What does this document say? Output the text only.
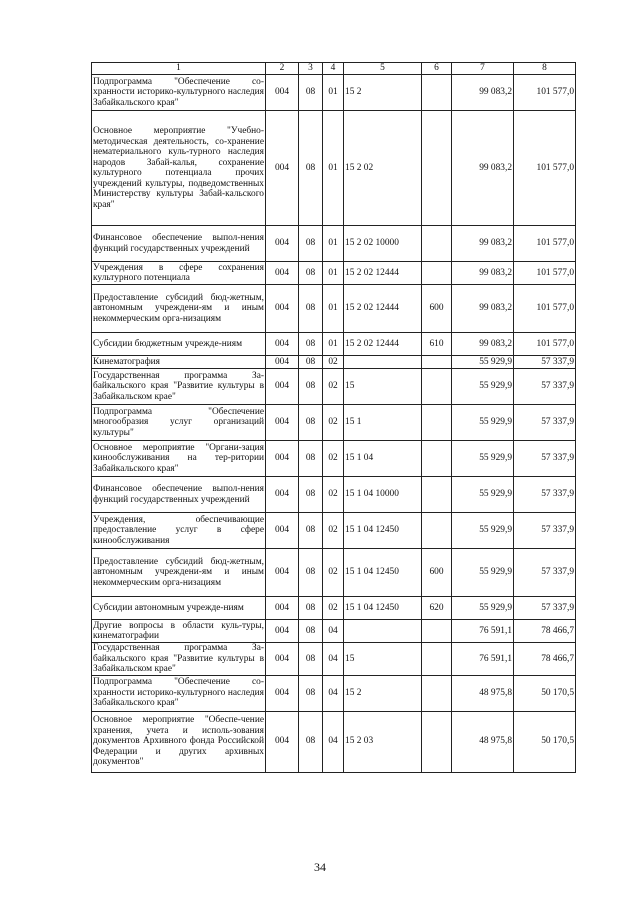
1	2	3	4	5	6	7	8
Подпрограмма "Обеспечение со-хранности историко-культурного наследия Забайкальского края"	004	08	01	15 2		99 083,2	101 577,0
Основное мероприятие "Учебно-методическая деятельность, со-хранение нематериального куль-турного наследия народов Забай-калья, сохранение культурного потенциала прочих учреждений культуры, подведомственных Министерству культуры Забай-кальского края"	004	08	01	15 2 02		99 083,2	101 577,0
Финансовое обеспечение выпол-нения функций государственных учреждений	004	08	01	15 2 02 10000		99 083,2	101 577,0
Учреждения в сфере сохранения культурного потенциала	004	08	01	15 2 02 12444		99 083,2	101 577,0
Предоставление субсидий бюд-жетным, автономным учреждени-ям и иным некоммерческим орга-низациям	004	08	01	15 2 02 12444	600	99 083,2	101 577,0
Субсидии бюджетным учрежде-ниям	004	08	01	15 2 02 12444	610	99 083,2	101 577,0
Кинематография	004	08	02			55 929,9	57 337,9
Государственная программа За-байкальского края "Развитие культуры в Забайкальском крае"	004	08	02	15		55 929,9	57 337,9
Подпрограмма "Обеспечение многообразия услуг организаций культуры"	004	08	02	15 1		55 929,9	57 337,9
Основное мероприятие "Органи-зация кинообслуживания на тер-ритории Забайкальского края"	004	08	02	15 1 04		55 929,9	57 337,9
Финансовое обеспечение выпол-нения функций государственных учреждений	004	08	02	15 1 04 10000		55 929,9	57 337,9
Учреждения, обеспечивающие предоставление услуг в сфере кинообслуживания	004	08	02	15 1 04 12450		55 929,9	57 337,9
Предоставление субсидий бюд-жетным, автономным учреждени-ям и иным некоммерческим орга-низациям	004	08	02	15 1 04 12450	600	55 929,9	57 337,9
Субсидии автономным учрежде-ниям	004	08	02	15 1 04 12450	620	55 929,9	57 337,9
Другие вопросы в области куль-туры, кинематографии	004	08	04			76 591,1	78 466,7
Государственная программа За-байкальского края "Развитие культуры в Забайкальском крае"	004	08	04	15		76 591,1	78 466,7
Подпрограмма "Обеспечение со-хранности историко-культурного наследия Забайкальского края"	004	08	04	15 2		48 975,8	50 170,5
Основное мероприятие "Обеспе-чение хранения, учета и исполь-зования документов Архивного фонда Российской Федерации и других архивных документов"	004	08	04	15 2 03		48 975,8	50 170,5
34
